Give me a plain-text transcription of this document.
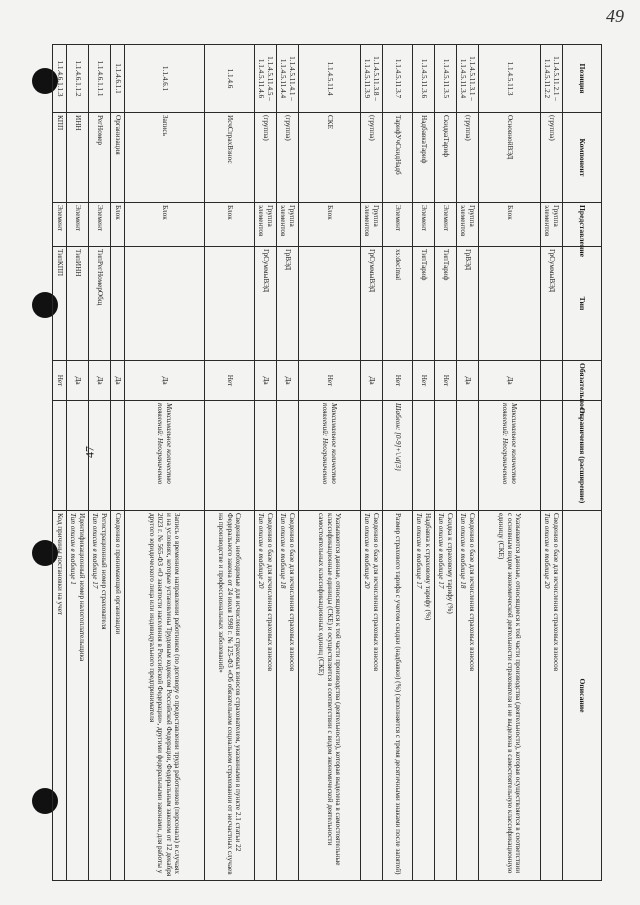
49
47
Позиция	Компонент	Представление	Тип	Обязательность	Ограничения (расширение)	Описание
1.1.4.5.11.2.1 – 1.1.4.5.11.2.2	(группа)	Группа элементов	ГрСуммыВЭД			Сведения о базе для исчисления страховых взносов
Тип описан в таблице 20

1.1.4.5.11.3	ОсновнойВЭД	Блок		Да	Максимальное количество появлений: Неограниченно	Указываются данные, относящиеся к той части производства (деятельности), которая осуществляется в соответствии с основным видом экономической деятельности страхователя и не выделена в самостоятельную классификационную единицу (СКЕ)

1.1.4.5.11.3.1 – 1.1.4.5.11.3.4	(группа)	Группа элементов	ГрВЭД	Да		Сведения о базе для исчисления страховых взносов
Тип описан в таблице 18

1.1.4.5.11.3.5	СкидкаТариф	Элемент	ТипТариф	Нет		Скидка к страховому тарифу (%)
Тип описан в таблице 17

1.1.4.5.11.3.6	НадбавкаТариф	Элемент	ТипТариф	Нет		Надбавка к страховому тарифу (%)
Тип описан в таблице 17

1.1.4.5.11.3.7	ТарифУчСкидНадб	Элемент	xs:decimal	Нет	Шаблон: [0-9]+\.\d{3}	Размер страхового тарифа с учетом скидки (надбавки) (%) (заполняется с тремя десятичными знаками после запятой)

1.1.4.5.11.3.8 – 1.1.4.5.11.3.9	(группа)	Группа элементов	ГрСуммыВЭД	Да		Сведения о базе для исчисления страховых взносов
Тип описан в таблице 20

1.1.4.5.11.4	СКЕ	Блок		Нет	Максимальное количество появлений: Неограниченно	Указываются данные, относящиеся к той части производства (деятельности), которая выделена в самостоятельные классификационные единицы (СКЕ) и осуществляется в соответствии с видом экономической деятельности самостоятельных классификационных единиц (СКЕ)

1.1.4.5.11.4.1 – 1.1.4.5.11.4.4	(группа)	Группа элементов	ГрВЭД	Да		Сведения о базе для исчисления страховых взносов
Тип описан в таблице 18

1.1.4.5.11.4.5 – 1.1.4.5.11.4.6	(группа)	Группа элементов	ГрСуммыВЭД	Да		Сведения о базе для исчисления страховых взносов
Тип описан в таблице 20

1.1.4.6	ИсчСтрахВзнос	Блок		Нет		Сведения, необходимые для исчисления страховых взносов страхователем, указанными в пункте 2.1 статьи 22 Федерального закона от 24 июля 1998 г. № 125-ФЗ «Об обязательном социальном страховании от несчастных случаев на производстве и профессиональных заболеваний»

1.1.4.6.1	Запись	Блок		Да	Максимальное количество появлений: Неограниченно	Запись о временном направлении работников (по договору о предоставлении труда работников (персонала) в случаях и на условиях, которые установлены Трудовым кодексом Российской Федерации, Федеральным законом от 12 декабря 2023 г. № 565-ФЗ «О занятости населения в Российской Федерации», другими федеральными законами, для работы у другого юридического лица или индивидуального предпринимателя

1.1.4.6.1.1	Организация	Блок		Да		Сведения о принимающей организации

1.1.4.6.1.1.1	РегНомер	Элемент	ТипРегНомерОбщ	Да		Регистрационный номер страхователя
Тип описан в таблице 17

1.1.4.6.1.1.2	ИНН	Элемент	ТипИНН	Да		Идентификационный номер налогоплательщика
Тип описан в таблице 1

1.1.4.6.1.1.3	КПП	Элемент	ТипКПП	Нет		Код причины постановки на учет
